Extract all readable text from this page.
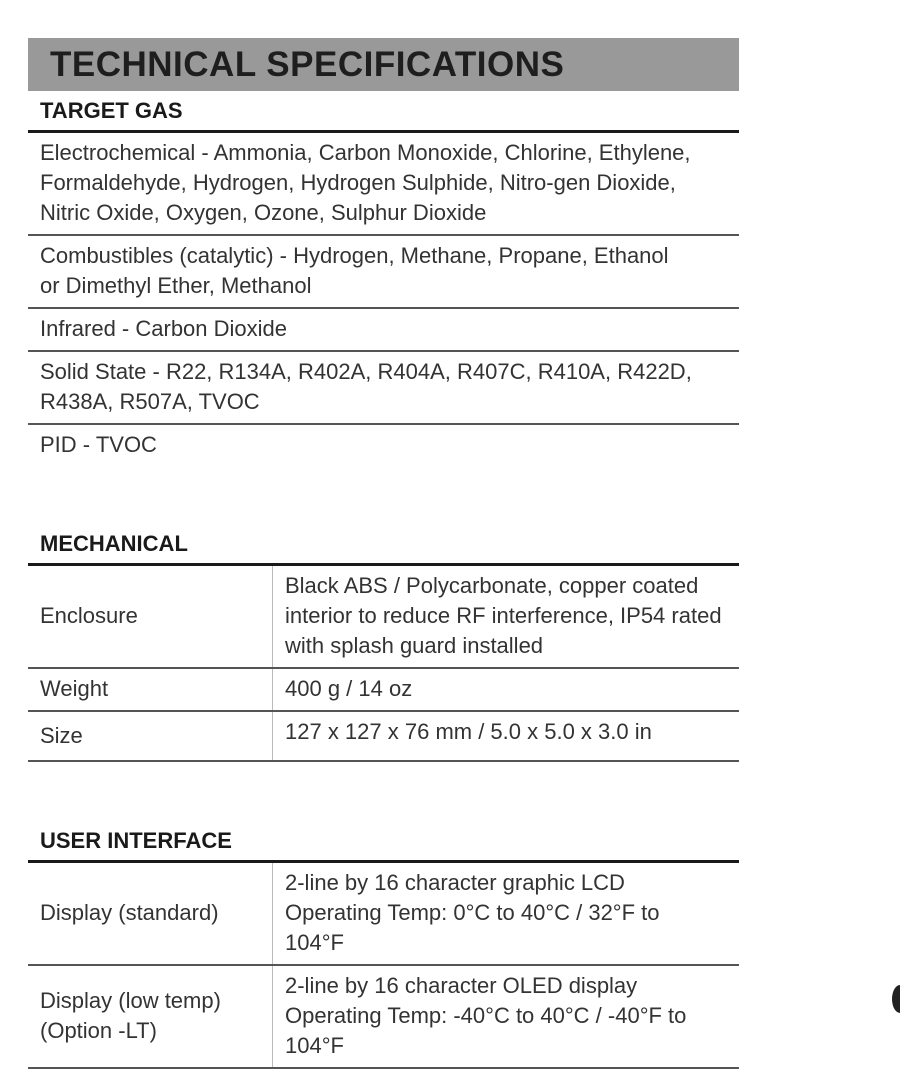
TECHNICAL SPECIFICATIONS
TARGET GAS
Electrochemical - Ammonia, Carbon Monoxide, Chlorine, Ethylene, Formaldehyde, Hydrogen, Hydrogen Sulphide, Nitro-gen Dioxide, Nitric Oxide, Oxygen, Ozone, Sulphur Dioxide
Combustibles (catalytic) - Hydrogen, Methane, Propane, Ethanol or Dimethyl Ether, Methanol
Infrared - Carbon Dioxide
Solid State - R22, R134A, R402A, R404A, R407C, R410A, R422D, R438A, R507A, TVOC
PID - TVOC
MECHANICAL
Enclosure
Black ABS / Polycarbonate, copper coated interior to reduce RF interference, IP54 rated with splash guard installed
Weight	400 g / 14 oz
Size	127 x 127 x 76 mm / 5.0 x 5.0 x 3.0 in
USER INTERFACE
Display (standard)
2-line by 16 character graphic LCD Operating Temp: 0°C to 40°C / 32°F to 104°F
Display (low temp) (Option -LT)
2-line by 16 character OLED display Operating Temp: -40°C to 40°C / -40°F to 104°F
